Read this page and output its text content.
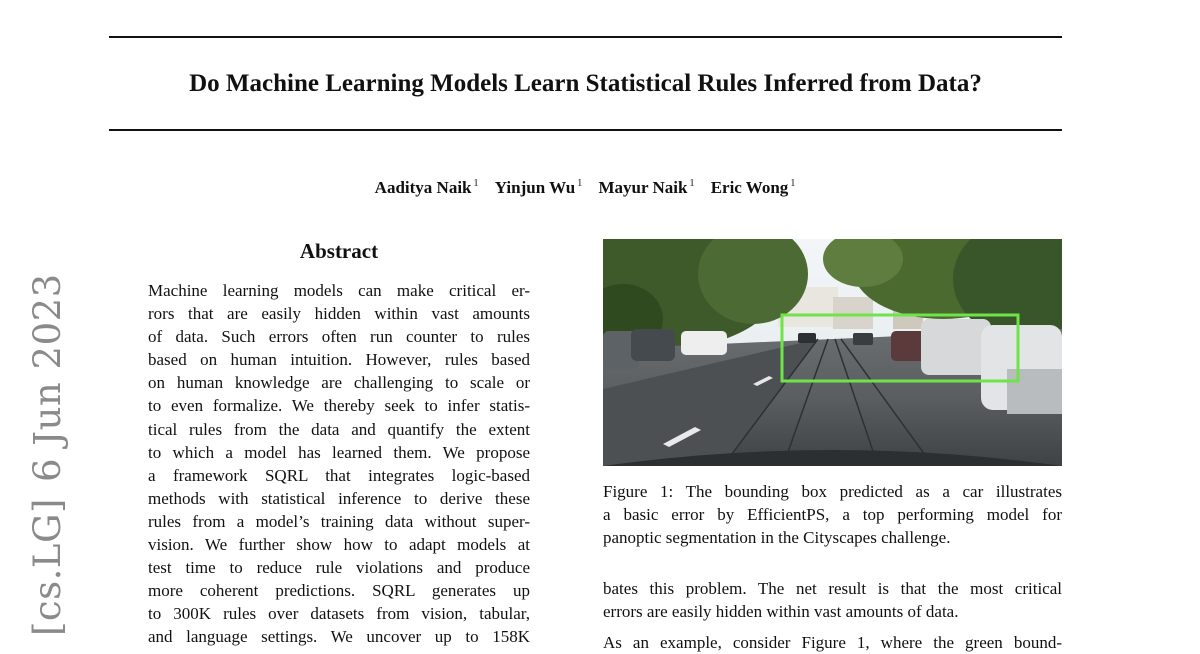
Do Machine Learning Models Learn Statistical Rules Inferred from Data?
Aaditya Naik $^1$ Yinjun Wu $^1$ Mayur Naik $^1$ Eric Wong $^1$
[cs.LG]6 Jun 2023
Abstract
Machine learning models can make critical er-
rors that are easily hidden within vast amounts
of data. Such errors often run counter to rules
based on human intuition. However, rules based
on human knowledge are challenging to scale or
to even formalize. We thereby seek to infer statis-
tical rules from the data and quantify the extent
to which a model has learned them. We propose
a framework SQRL that integrates logic-based
methods with statistical inference to derive these
rules from a model’s training data without super-
vision. We further show how to adapt models at
test time to reduce rule violations and produce
more coherent predictions. SQRL generates up
to 300K rules over datasets from vision, tabular,
and language settings. We uncover up to 158K
Figure 1: The bounding box predicted as a car illustrates
a basic error by EfficientPS, a top performing model for
panoptic segmentation in the Cityscapes challenge.
bates this problem. The net result is that the most critical
errors are easily hidden within vast amounts of data.
As an example, consider Figure 1, where the green bound-
